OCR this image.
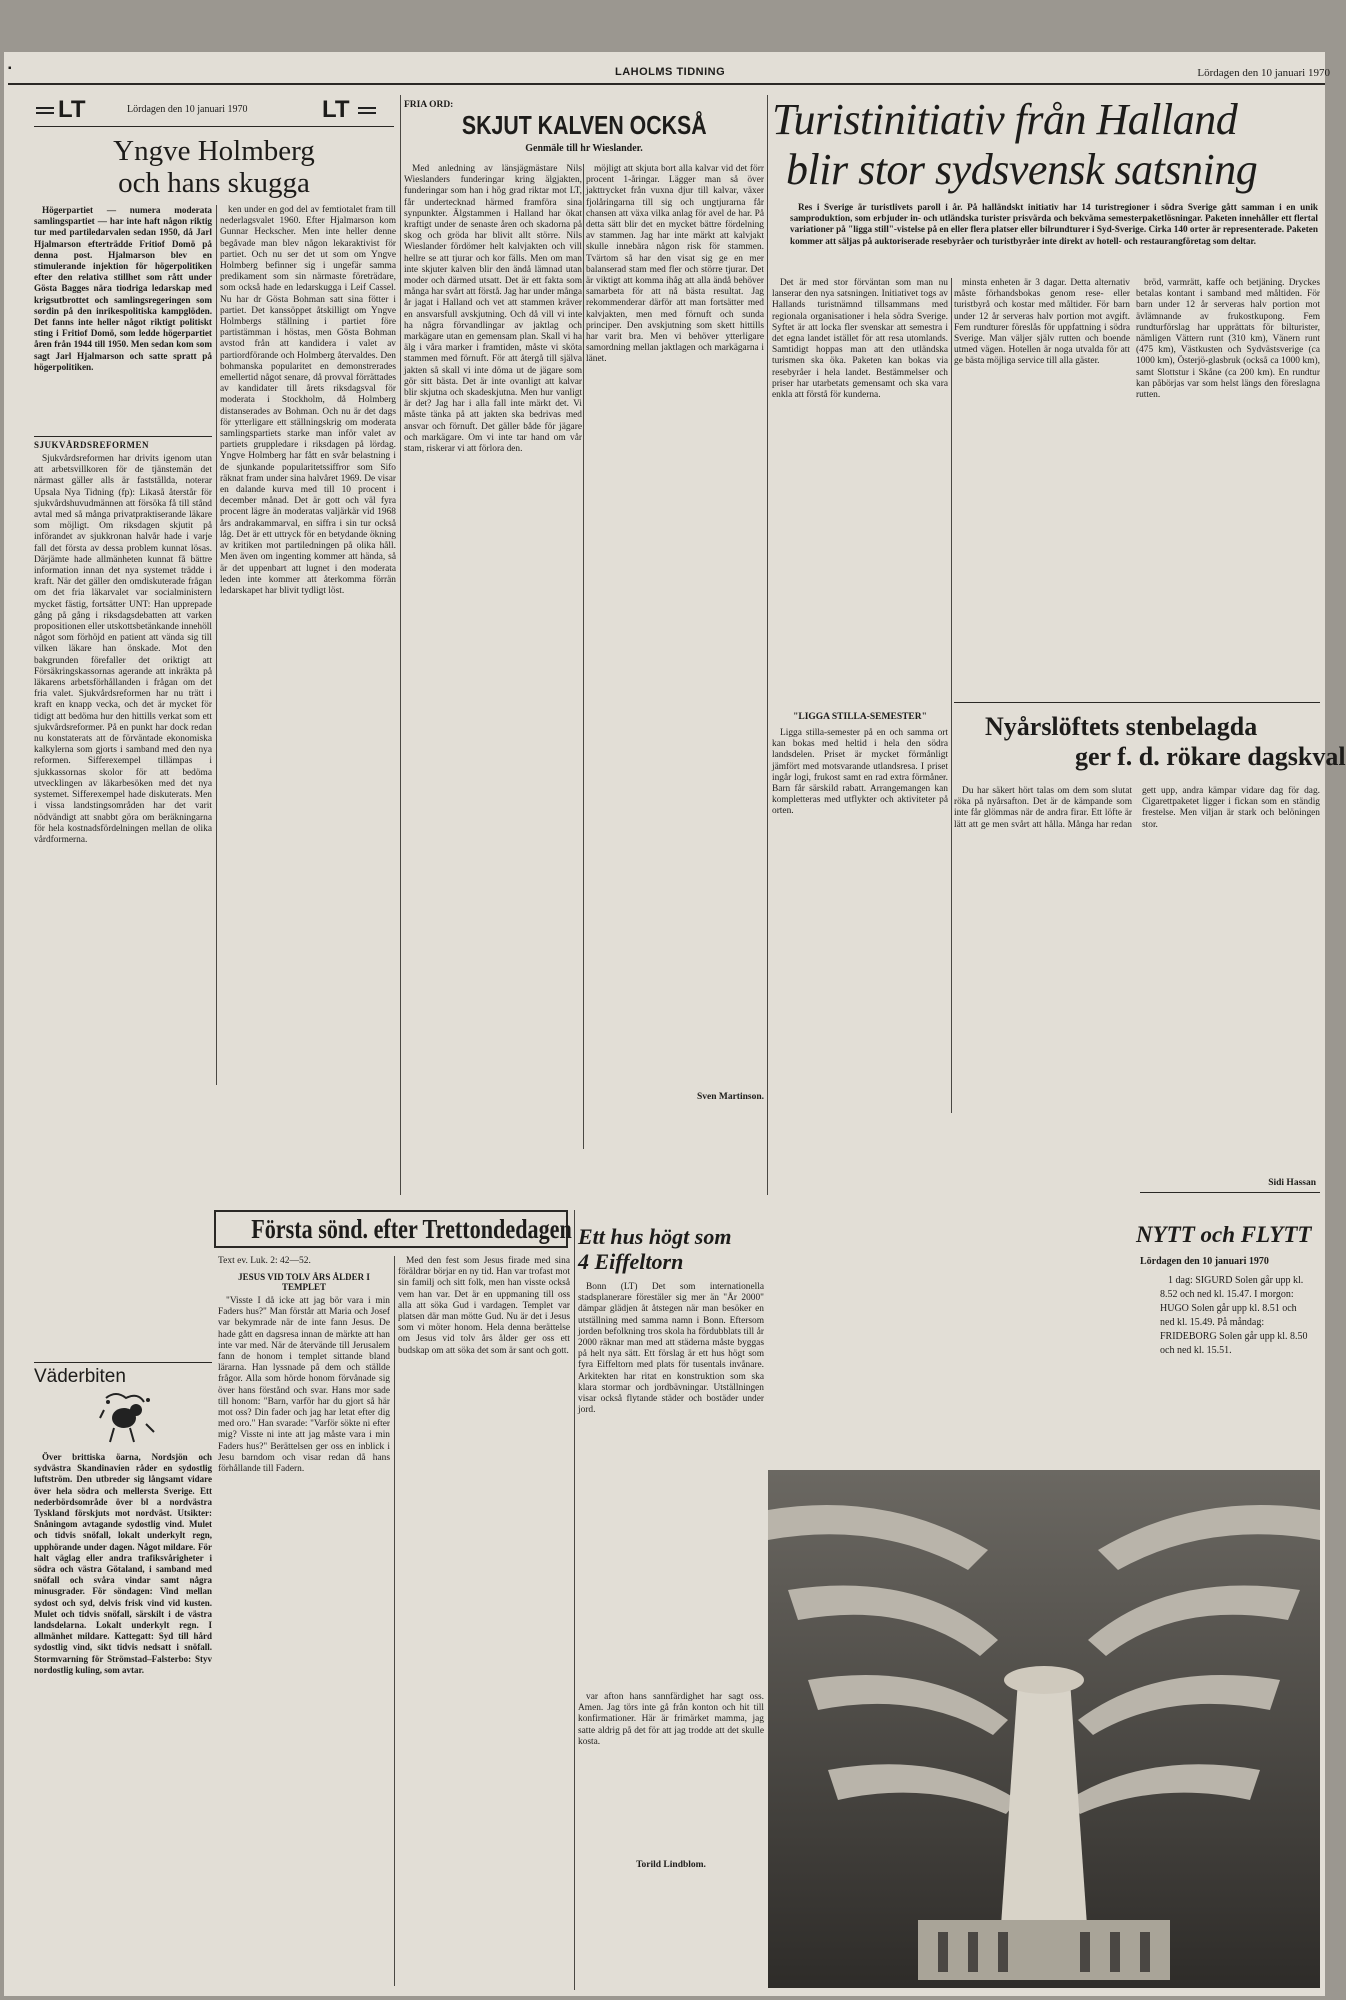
▪	LAHOLMS TIDNING	Lördagen den 10 januari 1970
LT	Lördagen den 10 januari 1970	LT
Yngve Holmberg
och hans skugga

Högerpartiet — numera moderata samlingspartiet — har inte haft någon riktig tur med partiledarvalen sedan 1950, då Jarl Hjalmarson efterträdde Fritiof Domö på denna post. Hjalmarson blev en stimulerande injektion för högerpolitiken efter den relativa stillhet som rått under Gösta Bagges nära tiodriga ledarskap med krigsutbrottet och samlingsregeringen som sordin på den inrikespolitiska kampglöden. Det fanns inte heller något riktigt politiskt sting i Fritiof Domö, som ledde högerpartiet åren från 1944 till 1950. Men sedan kom som sagt Jarl Hjalmarson och satte spratt på högerpolitiken.

ken under en god del av femtiotalet fram till nederlagsvalet 1960. Efter Hjalmarson kom Gunnar Heckscher. Men inte heller denne begåvade man blev någon lekaraktivist för partiet. Och nu ser det ut som om Yngve Holmberg befinner sig i ungefär samma predikament som sin närmaste företrädare, som också hade en ledarskugga i Leif Cassel. Nu har dr Gösta Bohman satt sina fötter i partiet. Det kanssöppet åtskilligt om Yngve Holmbergs ställning i partiet före partistämman i höstas, men Gösta Bohman avstod från att kandidera i valet av partiordförande och Holmberg återvaldes. Den bohmanska popularitet en demonstrerades emellertid något senare, då provval förrättades av kandidater till årets riksdagsval för moderata i Stockholm, då Holmberg distanserades av Bohman. Och nu är det dags för ytterligare ett ställningskrig om moderata samlingspartiets starke man inför valet av partiets gruppledare i riksdagen på lördag. Yngve Holmberg har fått en svår belastning i de sjunkande popularitetssiffror som Sifo räknat fram under sina halvåret 1969. De visar en dalande kurva med till 10 procent i december månad. Det är gott och väl fyra procent lägre än moderatas valjärkär vid 1968 års andrakammarval, en siffra i sin tur också låg. Det är ett uttryck för en betydande ökning av kritiken mot partiledningen på olika håll. Men även om ingenting kommer att hända, så är det uppenbart att lugnet i den moderata leden inte kommer att återkomma förrän ledarskapet har blivit tydligt löst.

SJUKVÅRDSREFORMEN

Sjukvårdsreformen har drivits igenom utan att arbetsvillkoren för de tjänstemän det närmast gäller alls är fastställda, noterar Upsala Nya Tidning (fp): Likaså återstår för sjukvårdshuvudmännen att försöka få till stånd avtal med så många privatpraktiserande läkare som möjligt. Om riksdagen skjutit på införandet av sjukkronan halvår hade i varje fall det första av dessa problem kunnat lösas. Därjämte hade allmänheten kunnat få bättre information innan det nya systemet trädde i kraft. När det gäller den omdiskuterade frågan om det fria läkarvalet var socialministern mycket fästig, fortsätter UNT: Han upprepade gång på gång i riksdagsdebatten att varken propositionen eller utskottsbetänkande innehöll något som förhöjd en patient att vända sig till vilken läkare han önskade. Mot den bakgrunden förefaller det oriktigt att Försäkringskassornas agerande att inkräkta på läkarens arbetsförhållanden i frågan om det fria valet. Sjukvårdsreformen har nu trätt i kraft en knapp vecka, och det är mycket för tidigt att bedöma hur den hittills verkat som ett sjukvårdsreformer. På en punkt har dock redan nu konstaterats att de förväntade ekonomiska kalkylerna som gjorts i samband med den nya reformen. Sifferexempel tillämpas i sjukkassornas skolor för att bedöma utvecklingen av läkarbesöken med det nya systemet. Sifferexempel hade diskuterats. Men i vissa landstingsområden har det varit nödvändigt att snabbt göra om beräkningarna för hela kostnadsfördelningen mellan de olika vårdformerna.

Väderbiten

Över brittiska öarna, Nordsjön och sydvästra Skandinavien råder en sydostlig luftström. Den utbreder sig långsamt vidare över hela södra och mellersta Sverige. Ett nederbördsområde över bl a nordvästra Tyskland förskjuts mot nordväst. Utsikter: Snåningom avtagande sydostlig vind. Mulet och tidvis snöfall, lokalt underkylt regn, upphörande under dagen. Något mildare. För halt väglag eller andra trafiksvårigheter i södra och västra Götaland, i samband med snöfall och svåra vindar samt några minusgrader. För söndagen: Vind mellan sydost och syd, delvis frisk vind vid kusten. Mulet och tidvis snöfall, särskilt i de västra landsdelarna. Lokalt underkylt regn. I allmänhet mildare. Kattegatt: Syd till hård sydostlig vind, sikt tidvis nedsatt i snöfall. Stormvarning för Strömstad–Falsterbo: Styv nordostlig kuling, som avtar.

FRIA ORD:
SKJUT KALVEN OCKSÅ
Genmäle till hr Wieslander.

Med anledning av länsjägmästare Nils Wieslanders funderingar kring älgjakten, funderingar som han i hög grad riktar mot LT, får undertecknad härmed framföra sina synpunkter. Älgstammen i Halland har ökat kraftigt under de senaste åren och skadorna på skog och gröda har blivit allt större. Nils Wieslander fördömer helt kalvjakten och vill hellre se att tjurar och kor fälls. Men om man inte skjuter kalven blir den ändå lämnad utan moder och därmed utsatt. Det är ett fakta som många har svårt att förstå. Jag har under många år jagat i Halland och vet att stammen kräver en ansvarsfull avskjutning. Och då vill vi inte ha några förvandlingar av jaktlag och markägare utan en gemensam plan. Skall vi ha älg i våra marker i framtiden, måste vi sköta stammen med förnuft. För att återgå till själva jakten så skall vi inte döma ut de jägare som gör sitt bästa. Det är inte ovanligt att kalvar blir skjutna och skadeskjutna. Men hur vanligt är det? Jag har i alla fall inte märkt det. Vi måste tänka på att jakten ska bedrivas med ansvar och förnuft. Det gäller både för jägare och markägare. Om vi inte tar hand om vår stam, riskerar vi att förlora den.

möjligt att skjuta bort alla kalvar vid det förr procent 1-åringar. Lägger man så över jakttrycket från vuxna djur till kalvar, växer fjolåringarna till sig och ungtjurarna får chansen att växa vilka anlag för avel de har. På detta sätt blir det en mycket bättre fördelning av stammen. Jag har inte märkt att kalvjakt skulle innebära någon risk för stammen. Tvärtom så har den visat sig ge en mer balanserad stam med fler och större tjurar. Det är viktigt att komma ihåg att alla ändå behöver samarbeta för att nå bästa resultat. Jag rekommenderar därför att man fortsätter med kalvjakten, men med förnuft och sunda principer. Den avskjutning som skett hittills har varit bra. Men vi behöver ytterligare samordning mellan jaktlagen och markägarna i länet.

Sven Martinson.
Första sönd. efter Trettondedagen
Text ev. Luk. 2: 42—52.
JESUS VID TOLV ÅRS ÅLDER I TEMPLET

"Visste I då icke att jag bör vara i min Faders hus?" Man förstår att Maria och Josef var bekymrade när de inte fann Jesus. De hade gått en dagsresa innan de märkte att han inte var med. När de återvände till Jerusalem fann de honom i templet sittande bland lärarna. Han lyssnade på dem och ställde frågor. Alla som hörde honom förvånade sig över hans förstånd och svar. Hans mor sade till honom: "Barn, varför har du gjort så här mot oss? Din fader och jag har letat efter dig med oro." Han svarade: "Varför sökte ni efter mig? Visste ni inte att jag måste vara i min Faders hus?" Berättelsen ger oss en inblick i Jesu barndom och visar redan då hans förhållande till Fadern.

Med den fest som Jesus firade med sina föräldrar börjar en ny tid. Han var trofast mot sin familj och sitt folk, men han visste också vem han var. Det är en uppmaning till oss alla att söka Gud i vardagen. Templet var platsen där man mötte Gud. Nu är det i Jesus som vi möter honom. Hela denna berättelse om Jesus vid tolv års ålder ger oss ett budskap om att söka det som är sant och gott.

Ett hus högt som
4 Eiffeltorn

Bonn (LT) Det som internationella stadsplanerare förestäler sig mer än "År 2000" dämpar glädjen åt åtstegen när man besöker en utställning med samma namn i Bonn. Eftersom jorden befolkning tros skola ha fördubblats till år 2000 räknar man med att städerna måste byggas på helt nya sätt. Ett förslag är ett hus högt som fyra Eiffeltorn med plats för tusentals invånare. Arkitekten har ritat en konstruktion som ska klara stormar och jordbävningar. Utställningen visar också flytande städer och bostäder under jord.

var afton hans sannfärdighet har sagt oss. Amen. Jag törs inte gå från konton och hit till konfirmationer. Här är frimärket mamma, jag satte aldrig på det för att jag trodde att det skulle kosta.

Torild Lindblom.
Turistinitiativ från Halland
blir stor sydsvensk satsning

Res i Sverige är turistlivets paroll i år. På halländskt initiativ har 14 turistregioner i södra Sverige gått samman i en unik samproduktion, som erbjuder in- och utländska turister prisvärda och bekväma semesterpaketlösningar. Paketen innehåller ett flertal variationer på "ligga still"-vistelse på en eller flera platser eller bilrundturer i Syd-Sverige. Cirka 140 orter är representerade. Paketen kommer att säljas på auktoriserade resebyråer och turistbyråer inte direkt av hotell- och restaurangföretag som deltar.

Det är med stor förväntan som man nu lanserar den nya satsningen. Initiativet togs av Hallands turistnämnd tillsammans med regionala organisationer i hela södra Sverige. Syftet är att locka fler svenskar att semestra i det egna landet istället för att resa utomlands. Samtidigt hoppas man att den utländska turismen ska öka. Paketen kan bokas via resebyråer i hela landet. Bestämmelser och priser har utarbetats gemensamt och ska vara enkla att förstå för kunderna.

minsta enheten är 3 dagar. Detta alternativ måste förhandsbokas genom rese- eller turistbyrå och kostar med måltider. För barn under 12 år serveras halv portion mot avgift. Fem rundturer föreslås för uppfattning i södra Sverige. Man väljer själv rutten och boende utmed vägen. Hotellen är noga utvalda för att ge bästa möjliga service till alla gäster.

bröd, varmrätt, kaffe och betjäning. Dryckes betalas kontant i samband med måltiden. För barn under 12 år serveras halv portion mot ävlämnande av frukostkupong. Fem rundturförslag har upprättats för bilturister, nämligen Vättern runt (310 km), Vänern runt (475 km), Västkusten och Sydvästsverige (ca 1000 km), Österjö-glasbruk (också ca 1000 km), samt Slottstur i Skåne (ca 200 km). En rundtur kan påbörjas var som helst längs den föreslagna rutten.

"LIGGA STILLA-SEMESTER"

Ligga stilla-semester på en och samma ort kan bokas med heltid i hela den södra landsdelen. Priset är mycket förmånligt jämfört med motsvarande utlandsresa. I priset ingår logi, frukost samt en rad extra förmåner. Barn får särskild rabatt. Arrangemangen kan kompletteras med utflykter och aktiviteter på orten.

Nyårslöftets stenbelagda
ger f. d. rökare dagskval

Du har säkert hört talas om dem som slutat röka på nyårsafton. Det är de kämpande som inte får glömmas när de andra firar. Ett löfte är lätt att ge men svårt att hålla. Många har redan gett upp, andra kämpar vidare dag för dag. Cigarettpaketet ligger i fickan som en ständig frestelse. Men viljan är stark och belöningen stor.

Sidi Hassan
NYTT och FLYTT
Lördagen den 10 januari 1970

1 dag: SIGURD Solen går upp kl. 8.52 och ned kl. 15.47. I morgon: HUGO Solen går upp kl. 8.51 och ned kl. 15.49. På måndag: FRIDEBORG Solen går upp kl. 8.50 och ned kl. 15.51.
